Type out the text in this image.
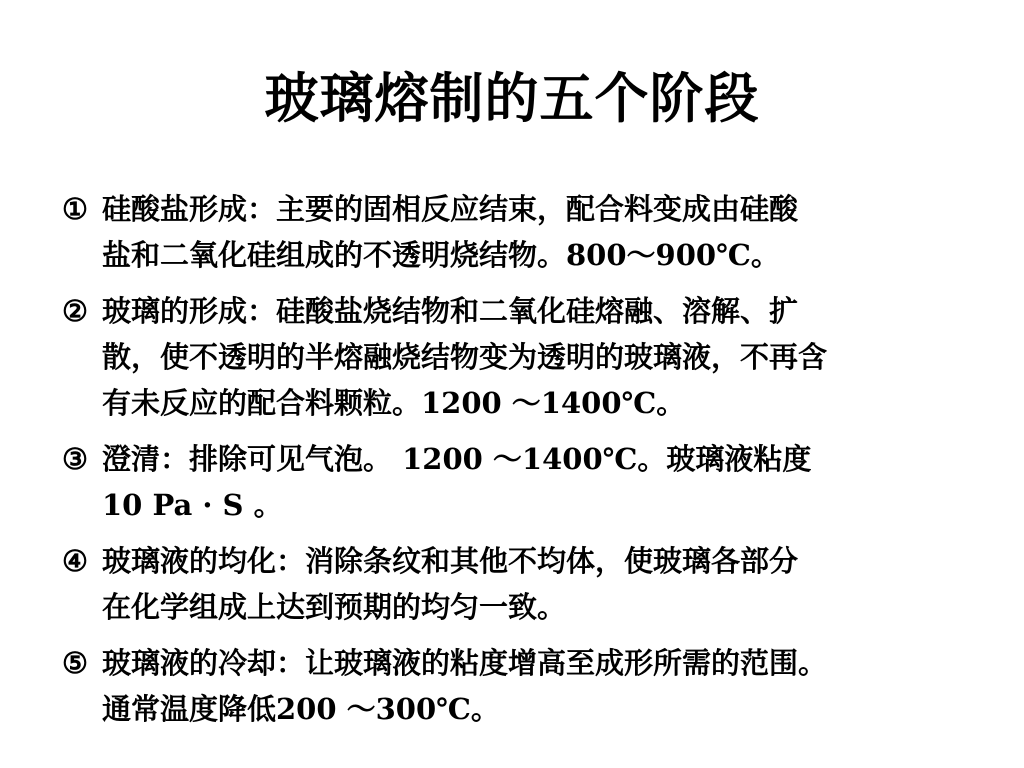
玻璃熔制的五个阶段
① 硅酸盐形成：主要的固相反应结束，配合料变成由硅酸
盐和二氧化硅组成的不透明烧结物。800～900℃。
② 玻璃的形成：硅酸盐烧结物和二氧化硅熔融、溶解、扩
散，使不透明的半熔融烧结物变为透明的玻璃液，不再含
有未反应的配合料颗粒。1200 ～1400℃。
③ 澄清：排除可见气泡。 1200 ～1400℃。玻璃液粘度
10 Pa · S 。
④ 玻璃液的均化：消除条纹和其他不均体，使玻璃各部分
在化学组成上达到预期的均匀一致。
⑤ 玻璃液的冷却：让玻璃液的粘度增高至成形所需的范围。
通常温度降低200 ～300℃。
